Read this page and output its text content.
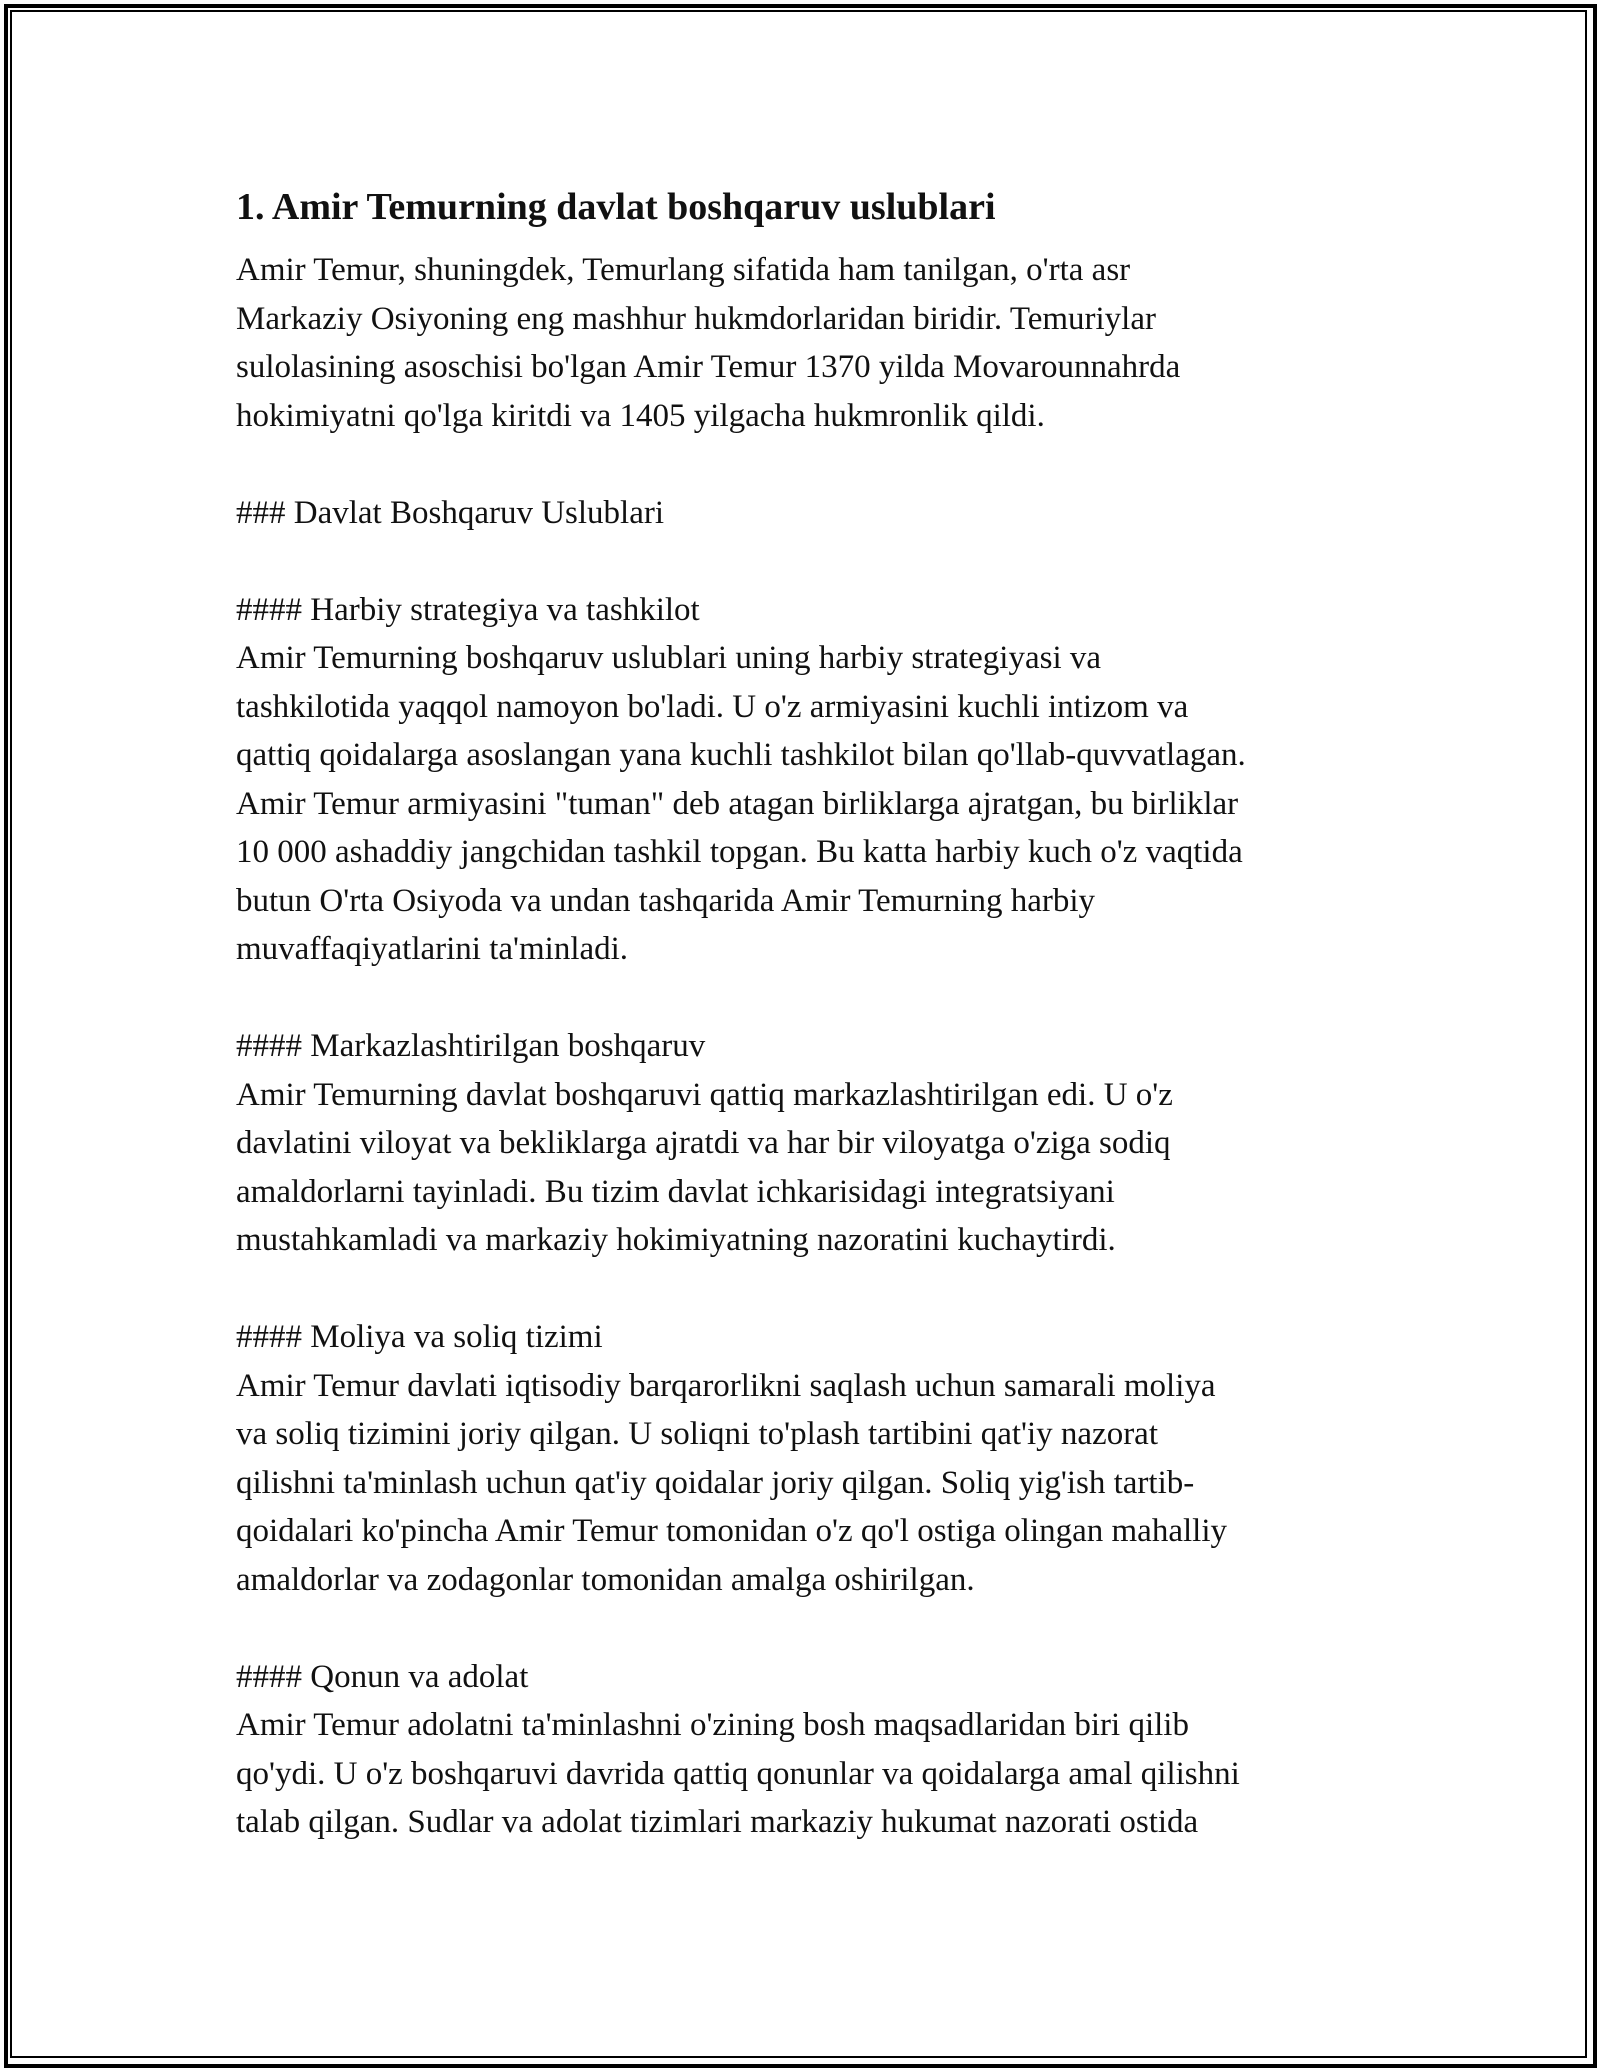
1. Amir Temurning davlat boshqaruv uslublari

Amir Temur, shuningdek, Temurlang sifatida ham tanilgan, o'rta asr
Markaziy Osiyoning eng mashhur hukmdorlaridan biridir. Temuriylar
sulolasining asoschisi bo'lgan Amir Temur 1370 yilda Movarounnahrda
hokimiyatni qo'lga kiritdi va 1405 yilgacha hukmronlik qildi.

### Davlat Boshqaruv Uslublari

#### Harbiy strategiya va tashkilot

Amir Temurning boshqaruv uslublari uning harbiy strategiyasi va
tashkilotida yaqqol namoyon bo'ladi. U o'z armiyasini kuchli intizom va
qattiq qoidalarga asoslangan yana kuchli tashkilot bilan qo'llab-quvvatlagan.
Amir Temur armiyasini "tuman" deb atagan birliklarga ajratgan, bu birliklar
10 000 ashaddiy jangchidan tashkil topgan. Bu katta harbiy kuch o'z vaqtida
butun O'rta Osiyoda va undan tashqarida Amir Temurning harbiy
muvaffaqiyatlarini ta'minladi.

#### Markazlashtirilgan boshqaruv

Amir Temurning davlat boshqaruvi qattiq markazlashtirilgan edi. U o'z
davlatini viloyat va bekliklarga ajratdi va har bir viloyatga o'ziga sodiq
amaldorlarni tayinladi. Bu tizim davlat ichkarisidagi integratsiyani
mustahkamladi va markaziy hokimiyatning nazoratini kuchaytirdi.

#### Moliya va soliq tizimi

Amir Temur davlati iqtisodiy barqarorlikni saqlash uchun samarali moliya
va soliq tizimini joriy qilgan. U soliqni to'plash tartibini qat'iy nazorat
qilishni ta'minlash uchun qat'iy qoidalar joriy qilgan. Soliq yig'ish tartib-
qoidalari ko'pincha Amir Temur tomonidan o'z qo'l ostiga olingan mahalliy
amaldorlar va zodagonlar tomonidan amalga oshirilgan.

#### Qonun va adolat

Amir Temur adolatni ta'minlashni o'zining bosh maqsadlaridan biri qilib
qo'ydi. U o'z boshqaruvi davrida qattiq qonunlar va qoidalarga amal qilishni
talab qilgan. Sudlar va adolat tizimlari markaziy hukumat nazorati ostida
